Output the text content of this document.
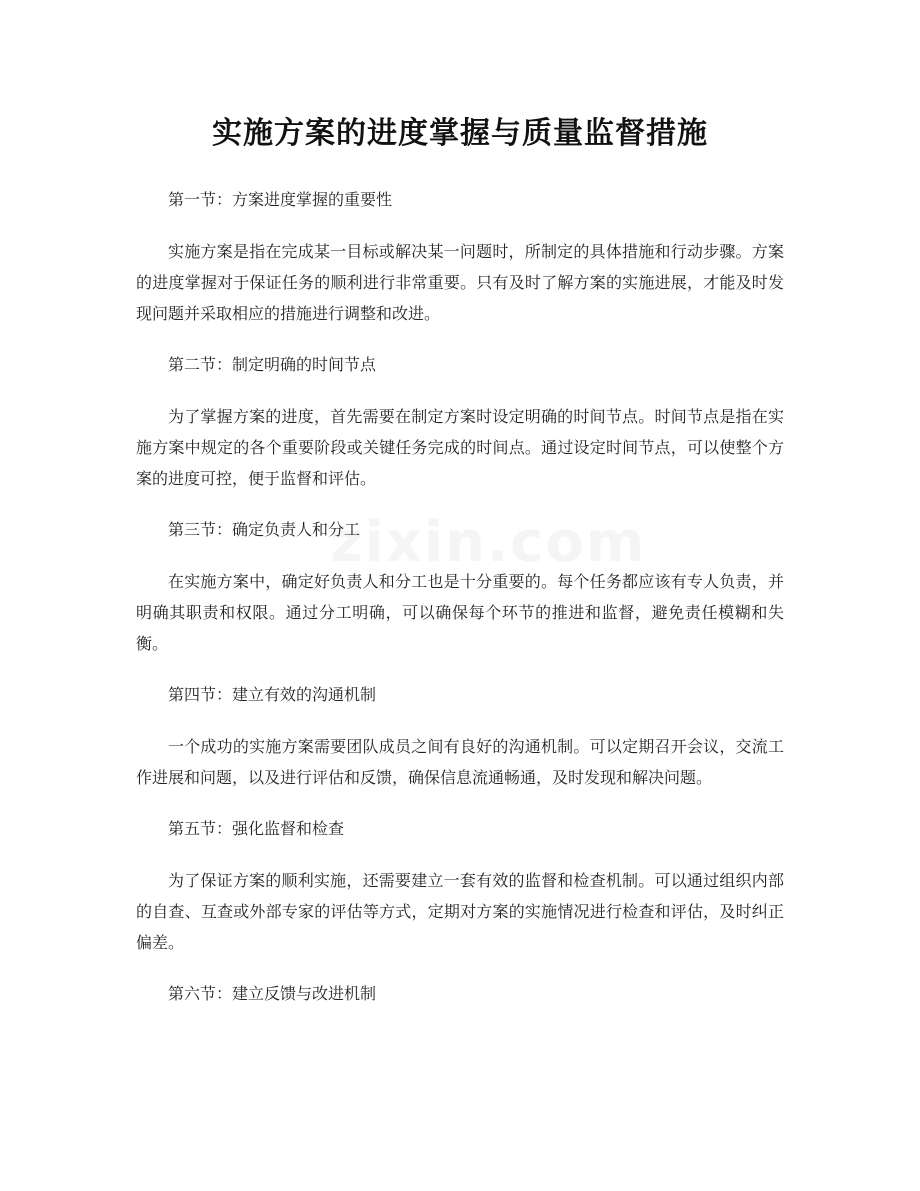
zixin.com
实施方案的进度掌握与质量监督措施

第一节：方案进度掌握的重要性

实施方案是指在完成某一目标或解决某一问题时，所制定的具体措施和行动步骤。方案的进度掌握对于保证任务的顺利进行非常重要。只有及时了解方案的实施进展，才能及时发现问题并采取相应的措施进行调整和改进。

第二节：制定明确的时间节点

为了掌握方案的进度，首先需要在制定方案时设定明确的时间节点。时间节点是指在实施方案中规定的各个重要阶段或关键任务完成的时间点。通过设定时间节点，可以使整个方案的进度可控，便于监督和评估。

第三节：确定负责人和分工

在实施方案中，确定好负责人和分工也是十分重要的。每个任务都应该有专人负责，并明确其职责和权限。通过分工明确，可以确保每个环节的推进和监督，避免责任模糊和失衡。

第四节：建立有效的沟通机制

一个成功的实施方案需要团队成员之间有良好的沟通机制。可以定期召开会议，交流工作进展和问题，以及进行评估和反馈，确保信息流通畅通，及时发现和解决问题。

第五节：强化监督和检查

为了保证方案的顺利实施，还需要建立一套有效的监督和检查机制。可以通过组织内部的自查、互查或外部专家的评估等方式，定期对方案的实施情况进行检查和评估，及时纠正偏差。

第六节：建立反馈与改进机制
